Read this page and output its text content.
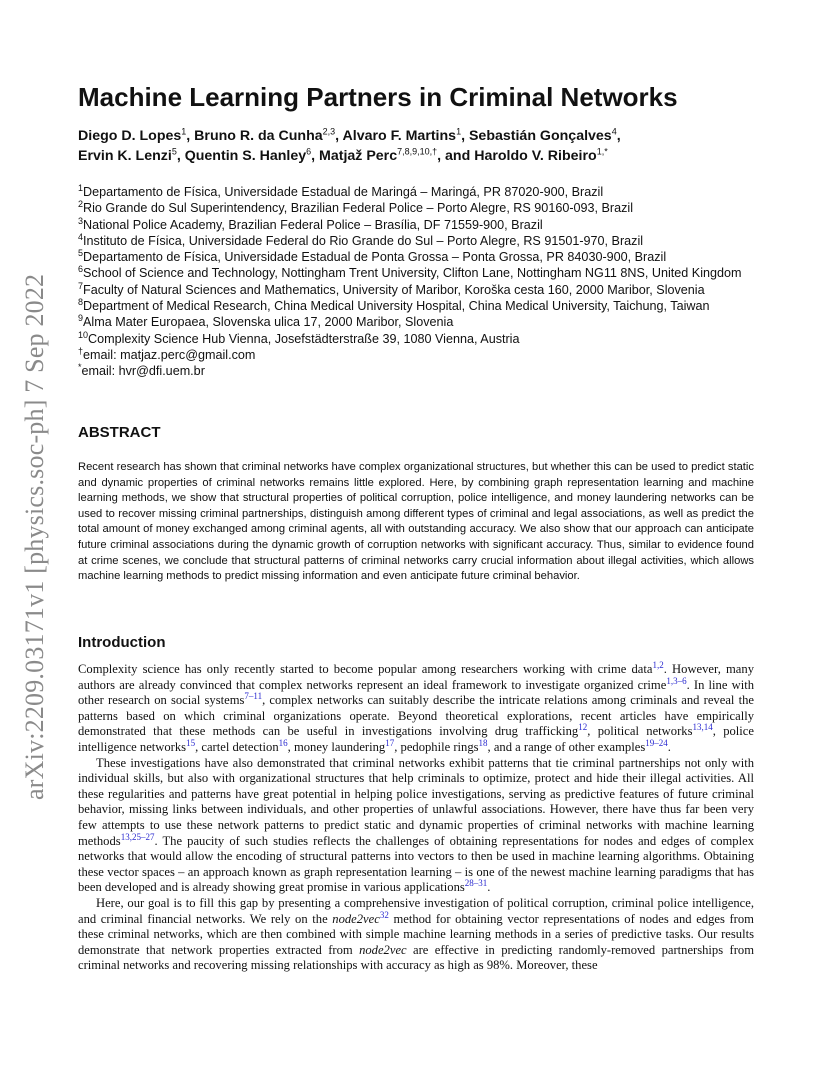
arXiv:2209.03171v1 [physics.soc-ph] 7 Sep 2022
Machine Learning Partners in Criminal Networks
Diego D. Lopes$^1$, Bruno R. da Cunha$^{2,3}$, Alvaro F. Martins$^1$, Sebastián Gonçalves$^4$,
Ervin K. Lenzi$^5$, Quentin S. Hanley$^6$, Matjaž Perc$^{7,8,9,10,\dagger}$, and Haroldo V. Ribeiro$^{1,*}$
$^1$Departamento de Física, Universidade Estadual de Maringá – Maringá, PR 87020-900, Brazil
$^2$Rio Grande do Sul Superintendency, Brazilian Federal Police – Porto Alegre, RS 90160-093, Brazil
$^3$National Police Academy, Brazilian Federal Police – Brasília, DF 71559-900, Brazil
$^4$Instituto de Física, Universidade Federal do Rio Grande do Sul – Porto Alegre, RS 91501-970, Brazil
$^5$Departamento de Física, Universidade Estadual de Ponta Grossa – Ponta Grossa, PR 84030-900, Brazil
$^6$School of Science and Technology, Nottingham Trent University, Clifton Lane, Nottingham NG11 8NS, United Kingdom
$^7$Faculty of Natural Sciences and Mathematics, University of Maribor, Koroška cesta 160, 2000 Maribor, Slovenia
$^8$Department of Medical Research, China Medical University Hospital, China Medical University, Taichung, Taiwan
$^9$Alma Mater Europaea, Slovenska ulica 17, 2000 Maribor, Slovenia
$^{10}$Complexity Science Hub Vienna, Josefstädterstraße 39, 1080 Vienna, Austria
†email: matjaz.perc@gmail.com
*email: hvr@dfi.uem.br
ABSTRACT
Recent research has shown that criminal networks have complex organizational structures, but whether this can be used to predict static and dynamic properties of criminal networks remains little explored. Here, by combining graph representation learning and machine learning methods, we show that structural properties of political corruption, police intelligence, and money laundering networks can be used to recover missing criminal partnerships, distinguish among different types of criminal and legal associations, as well as predict the total amount of money exchanged among criminal agents, all with outstanding accuracy. We also show that our approach can anticipate future criminal associations during the dynamic growth of corruption networks with significant accuracy. Thus, similar to evidence found at crime scenes, we conclude that structural patterns of criminal networks carry crucial information about illegal activities, which allows machine learning methods to predict missing information and even anticipate future criminal behavior.
Introduction

Complexity science has only recently started to become popular among researchers working with crime data$^{1,2}$. However, many authors are already convinced that complex networks represent an ideal framework to investigate organized crime$^{1,3-6}$. In line with other research on social systems$^{7-11}$, complex networks can suitably describe the intricate relations among criminals and reveal the patterns based on which criminal organizations operate. Beyond theoretical explorations, recent articles have empirically demonstrated that these methods can be useful in investigations involving drug trafficking$^{12}$, political networks$^{13,14}$, police intelligence networks$^{15}$, cartel detection$^{16}$, money laundering$^{17}$, pedophile rings$^{18}$, and a range of other examples$^{19-24}$.

These investigations have also demonstrated that criminal networks exhibit patterns that tie criminal partnerships not only with individual skills, but also with organizational structures that help criminals to optimize, protect and hide their illegal activities. All these regularities and patterns have great potential in helping police investigations, serving as predictive features of future criminal behavior, missing links between individuals, and other properties of unlawful associations. However, there have thus far been very few attempts to use these network patterns to predict static and dynamic properties of criminal networks with machine learning methods$^{13,25-27}$. The paucity of such studies reflects the challenges of obtaining representations for nodes and edges of complex networks that would allow the encoding of structural patterns into vectors to then be used in machine learning algorithms. Obtaining these vector spaces – an approach known as graph representation learning – is one of the newest machine learning paradigms that has been developed and is already showing great promise in various applications$^{28-31}$.

Here, our goal is to fill this gap by presenting a comprehensive investigation of political corruption, criminal police intelligence, and criminal financial networks. We rely on the node2vec$^{32}$ method for obtaining vector representations of nodes and edges from these criminal networks, which are then combined with simple machine learning methods in a series of predictive tasks. Our results demonstrate that network properties extracted from node2vec are effective in predicting randomly-removed partnerships from criminal networks and recovering missing relationships with accuracy as high as 98%. Moreover, these
